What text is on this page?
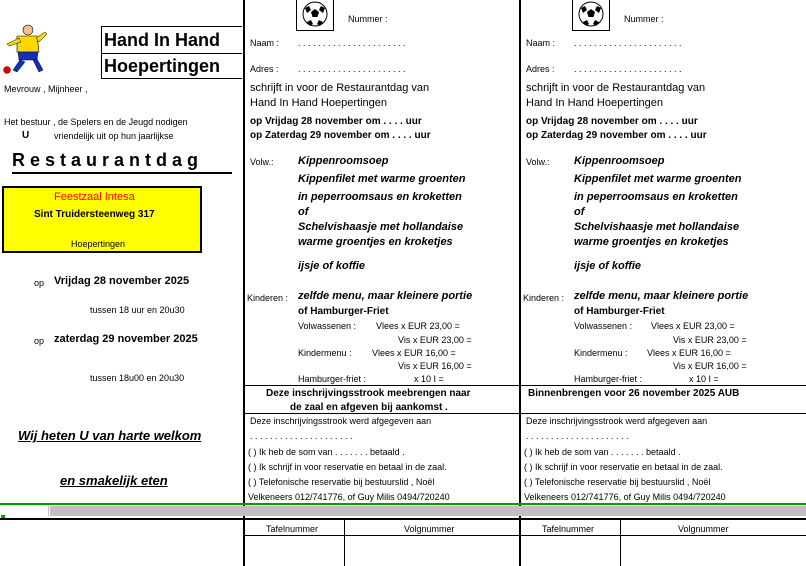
Hand In Hand
Hoepertingen
Mevrouw , Mijnheer ,
Het bestuur , de Spelers en de Jeugd nodigen
U	vriendelijk uit op hun jaarlijkse
R e s t a u r a n t d a g
Feestzaal Intesa
Sint Truidersteenweg 317
Hoepertingen
op Vrijdag 28 november 2025
tussen 18 uur en 20u30
op zaterdag 29 november 2025
tussen 18u00 en 20u30
Wij heten U van harte welkom
en smakelijk eten
Nummer :
Naam : . . . . . . . . . . . . . . . . . . . . . .
Adres : . . . . . . . . . . . . . . . . . . . . . .
schrijft in voor de Restaurantdag van
Hand In Hand Hoepertingen
op Vrijdag 28 november om . . . . uur
op Zaterdag 29 november om . . . . uur
Volw.: Kippenroomsoep
Kippenfilet met warme groenten
in peperroomsaus en kroketten
of
Schelvishaasje met hollandaise
warme groentjes en kroketjes
ijsje of koffie
Kinderen : zelfde menu, maar kleinere portie
of Hamburger-Friet
Volwassenen : Vlees x EUR 23,00 =
Vis x EUR 23,00 =
Kindermenu : Vlees x EUR 16,00 =
Vis x EUR 16,00 =
Hamburger-friet :	x 10 I =
Deze inschrijvingsstrook meebrengen naar
de zaal en afgeven bij aankomst .
Deze inschrijvingsstrook werd afgegeven aan
. . . . . . . . . . . . . . . . . . . . .
( ) Ik heb de som van . . . . . . . betaald .
( ) Ik schrijf in voor reservatie en betaal in de zaal.
( ) Telefonische reservatie bij bestuurslid , Noël
Velkeneers 012/741776, of Guy Milis 0494/720240
Nummer :
Naam : . . . . . . . . . . . . . . . . . . . . . .
Adres : . . . . . . . . . . . . . . . . . . . . . .
schrijft in voor de Restaurantdag van
Hand In Hand Hoepertingen
op Vrijdag 28 november om . . . . uur
op Zaterdag 29 november om . . . . uur
Volw.: Kippenroomsoep
Kippenfilet met warme groenten
in peperroomsaus en kroketten
of
Schelvishaasje met hollandaise
warme groentjes en kroketjes
ijsje of koffie
Kinderen : zelfde menu, maar kleinere portie
of Hamburger-Friet
Volwassenen : Vlees x EUR 23,00 =
Vis x EUR 23,00 =
Kindermenu : Vlees x EUR 16,00 =
Vis x EUR 16,00 =
Hamburger-friet :	x 10 I =
Binnenbrengen voor 26 november 2025 AUB
Deze inschrijvingsstrook werd afgegeven aan
. . . . . . . . . . . . . . . . . . . . .
( ) Ik heb de som van . . . . . . . betaald .
( ) Ik schrijf in voor reservatie en betaal in de zaal.
( ) Telefonische reservatie bij bestuurslid , Noël
Velkeneers 012/741776, of Guy Milis 0494/720240
Tafelnummer	Volgnummer	Tafelnummer	Volgnummer
